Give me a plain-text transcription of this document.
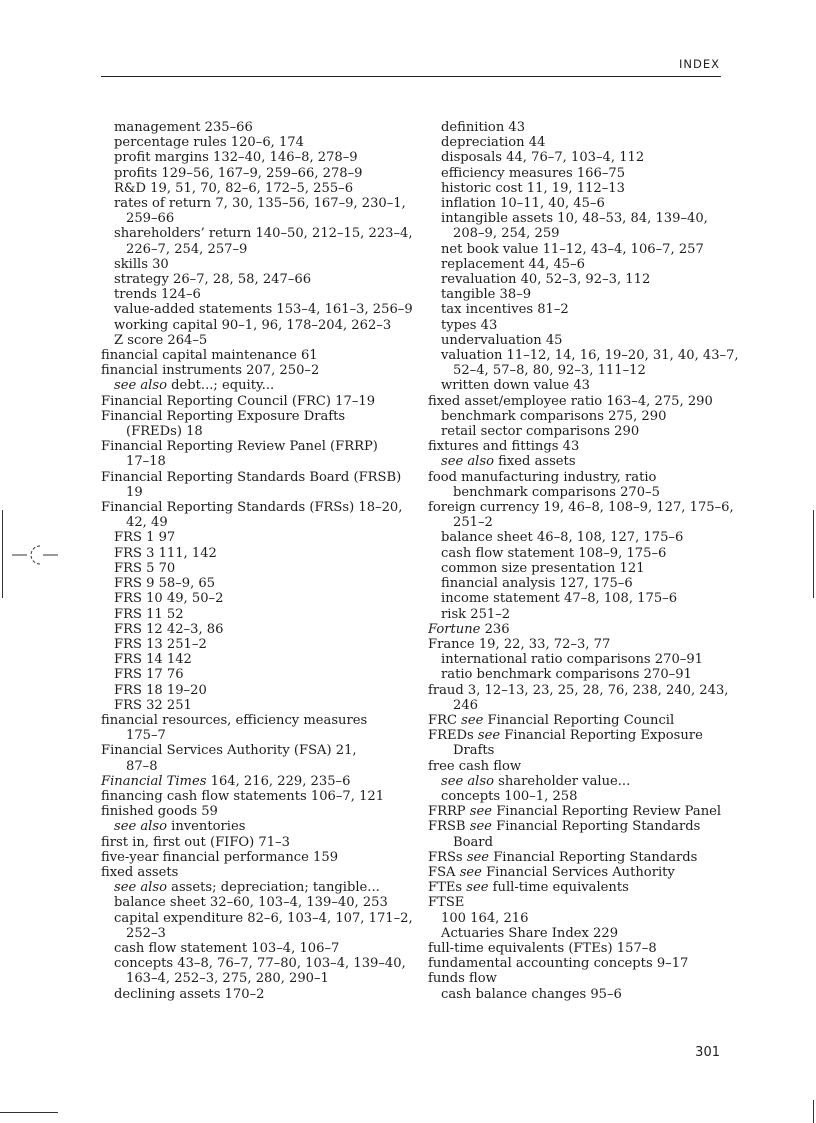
INDEX
management 235–66
percentage rules 120–6, 174
profit margins 132–40, 146–8, 278–9
profits 129–56, 167–9, 259–66, 278–9
R&D 19, 51, 70, 82–6, 172–5, 255–6
rates of return 7, 30, 135–56, 167–9, 230–1,
259–66
shareholders’ return 140–50, 212–15, 223–4,
226–7, 254, 257–9
skills 30
strategy 26–7, 28, 58, 247–66
trends 124–6
value-added statements 153–4, 161–3, 256–9
working capital 90–1, 96, 178–204, 262–3
Z score 264–5
financial capital maintenance 61
financial instruments 207, 250–2
see also debt...; equity...
Financial Reporting Council (FRC) 17–19
Financial Reporting Exposure Drafts
(FREDs) 18
Financial Reporting Review Panel (FRRP)
17–18
Financial Reporting Standards Board (FRSB)
19
Financial Reporting Standards (FRSs) 18–20,
42, 49
FRS 1 97
FRS 3 111, 142
FRS 5 70
FRS 9 58–9, 65
FRS 10 49, 50–2
FRS 11 52
FRS 12 42–3, 86
FRS 13 251–2
FRS 14 142
FRS 17 76
FRS 18 19–20
FRS 32 251
financial resources, efficiency measures
175–7
Financial Services Authority (FSA) 21,
87–8
Financial Times 164, 216, 229, 235–6
financing cash flow statements 106–7, 121
finished goods 59
see also inventories
first in, first out (FIFO) 71–3
five-year financial performance 159
fixed assets
see also assets; depreciation; tangible...
balance sheet 32–60, 103–4, 139–40, 253
capital expenditure 82–6, 103–4, 107, 171–2,
252–3
cash flow statement 103–4, 106–7
concepts 43–8, 76–7, 77–80, 103–4, 139–40,
163–4, 252–3, 275, 280, 290–1
declining assets 170–2
definition 43
depreciation 44
disposals 44, 76–7, 103–4, 112
efficiency measures 166–75
historic cost 11, 19, 112–13
inflation 10–11, 40, 45–6
intangible assets 10, 48–53, 84, 139–40,
208–9, 254, 259
net book value 11–12, 43–4, 106–7, 257
replacement 44, 45–6
revaluation 40, 52–3, 92–3, 112
tangible 38–9
tax incentives 81–2
types 43
undervaluation 45
valuation 11–12, 14, 16, 19–20, 31, 40, 43–7,
52–4, 57–8, 80, 92–3, 111–12
written down value 43
fixed asset/employee ratio 163–4, 275, 290
benchmark comparisons 275, 290
retail sector comparisons 290
fixtures and fittings 43
see also fixed assets
food manufacturing industry, ratio
benchmark comparisons 270–5
foreign currency 19, 46–8, 108–9, 127, 175–6,
251–2
balance sheet 46–8, 108, 127, 175–6
cash flow statement 108–9, 175–6
common size presentation 121
financial analysis 127, 175–6
income statement 47–8, 108, 175–6
risk 251–2
Fortune 236
France 19, 22, 33, 72–3, 77
international ratio comparisons 270–91
ratio benchmark comparisons 270–91
fraud 3, 12–13, 23, 25, 28, 76, 238, 240, 243,
246
FRC see Financial Reporting Council
FREDs see Financial Reporting Exposure
Drafts
free cash flow
see also shareholder value...
concepts 100–1, 258
FRRP see Financial Reporting Review Panel
FRSB see Financial Reporting Standards
Board
FRSs see Financial Reporting Standards
FSA see Financial Services Authority
FTEs see full-time equivalents
FTSE
100 164, 216
Actuaries Share Index 229
full-time equivalents (FTEs) 157–8
fundamental accounting concepts 9–17
funds flow
cash balance changes 95–6
301
